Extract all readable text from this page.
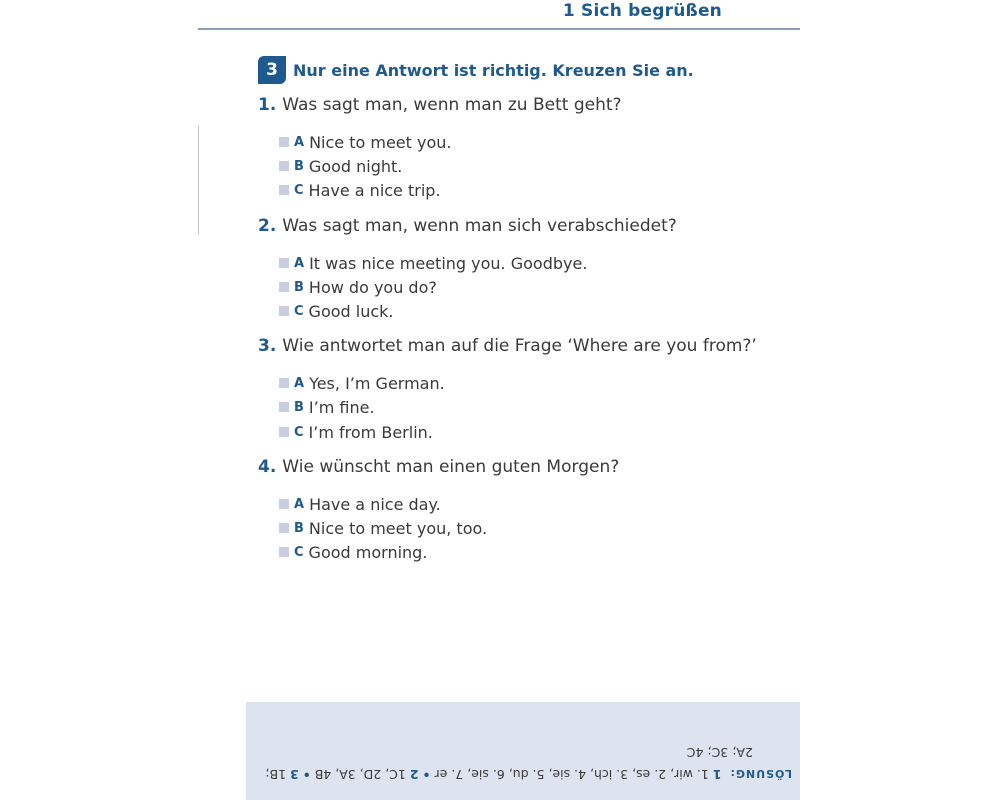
1 Sich begrüßen
3 Nur eine Antwort ist richtig. Kreuzen Sie an.
1. Was sagt man, wenn man zu Bett geht?
A Nice to meet you.
B Good night.
C Have a nice trip.
2. Was sagt man, wenn man sich verabschiedet?
A It was nice meeting you. Goodbye.
B How do you do?
C Good luck.
3. Wie antwortet man auf die Frage ‘Where are you from?’
A Yes, I’m German.
B I’m fine.
C I’m from Berlin.
4. Wie wünscht man einen guten Morgen?
A Have a nice day.
B Nice to meet you, too.
C Good morning.
LÖSUNG: 1 1. wir, 2. es, 3. ich, 4. sie, 5. du, 6. sie, 7. er • 2 1C, 2D, 3A, 4B • 3 1B;
2A; 3C; 4C
